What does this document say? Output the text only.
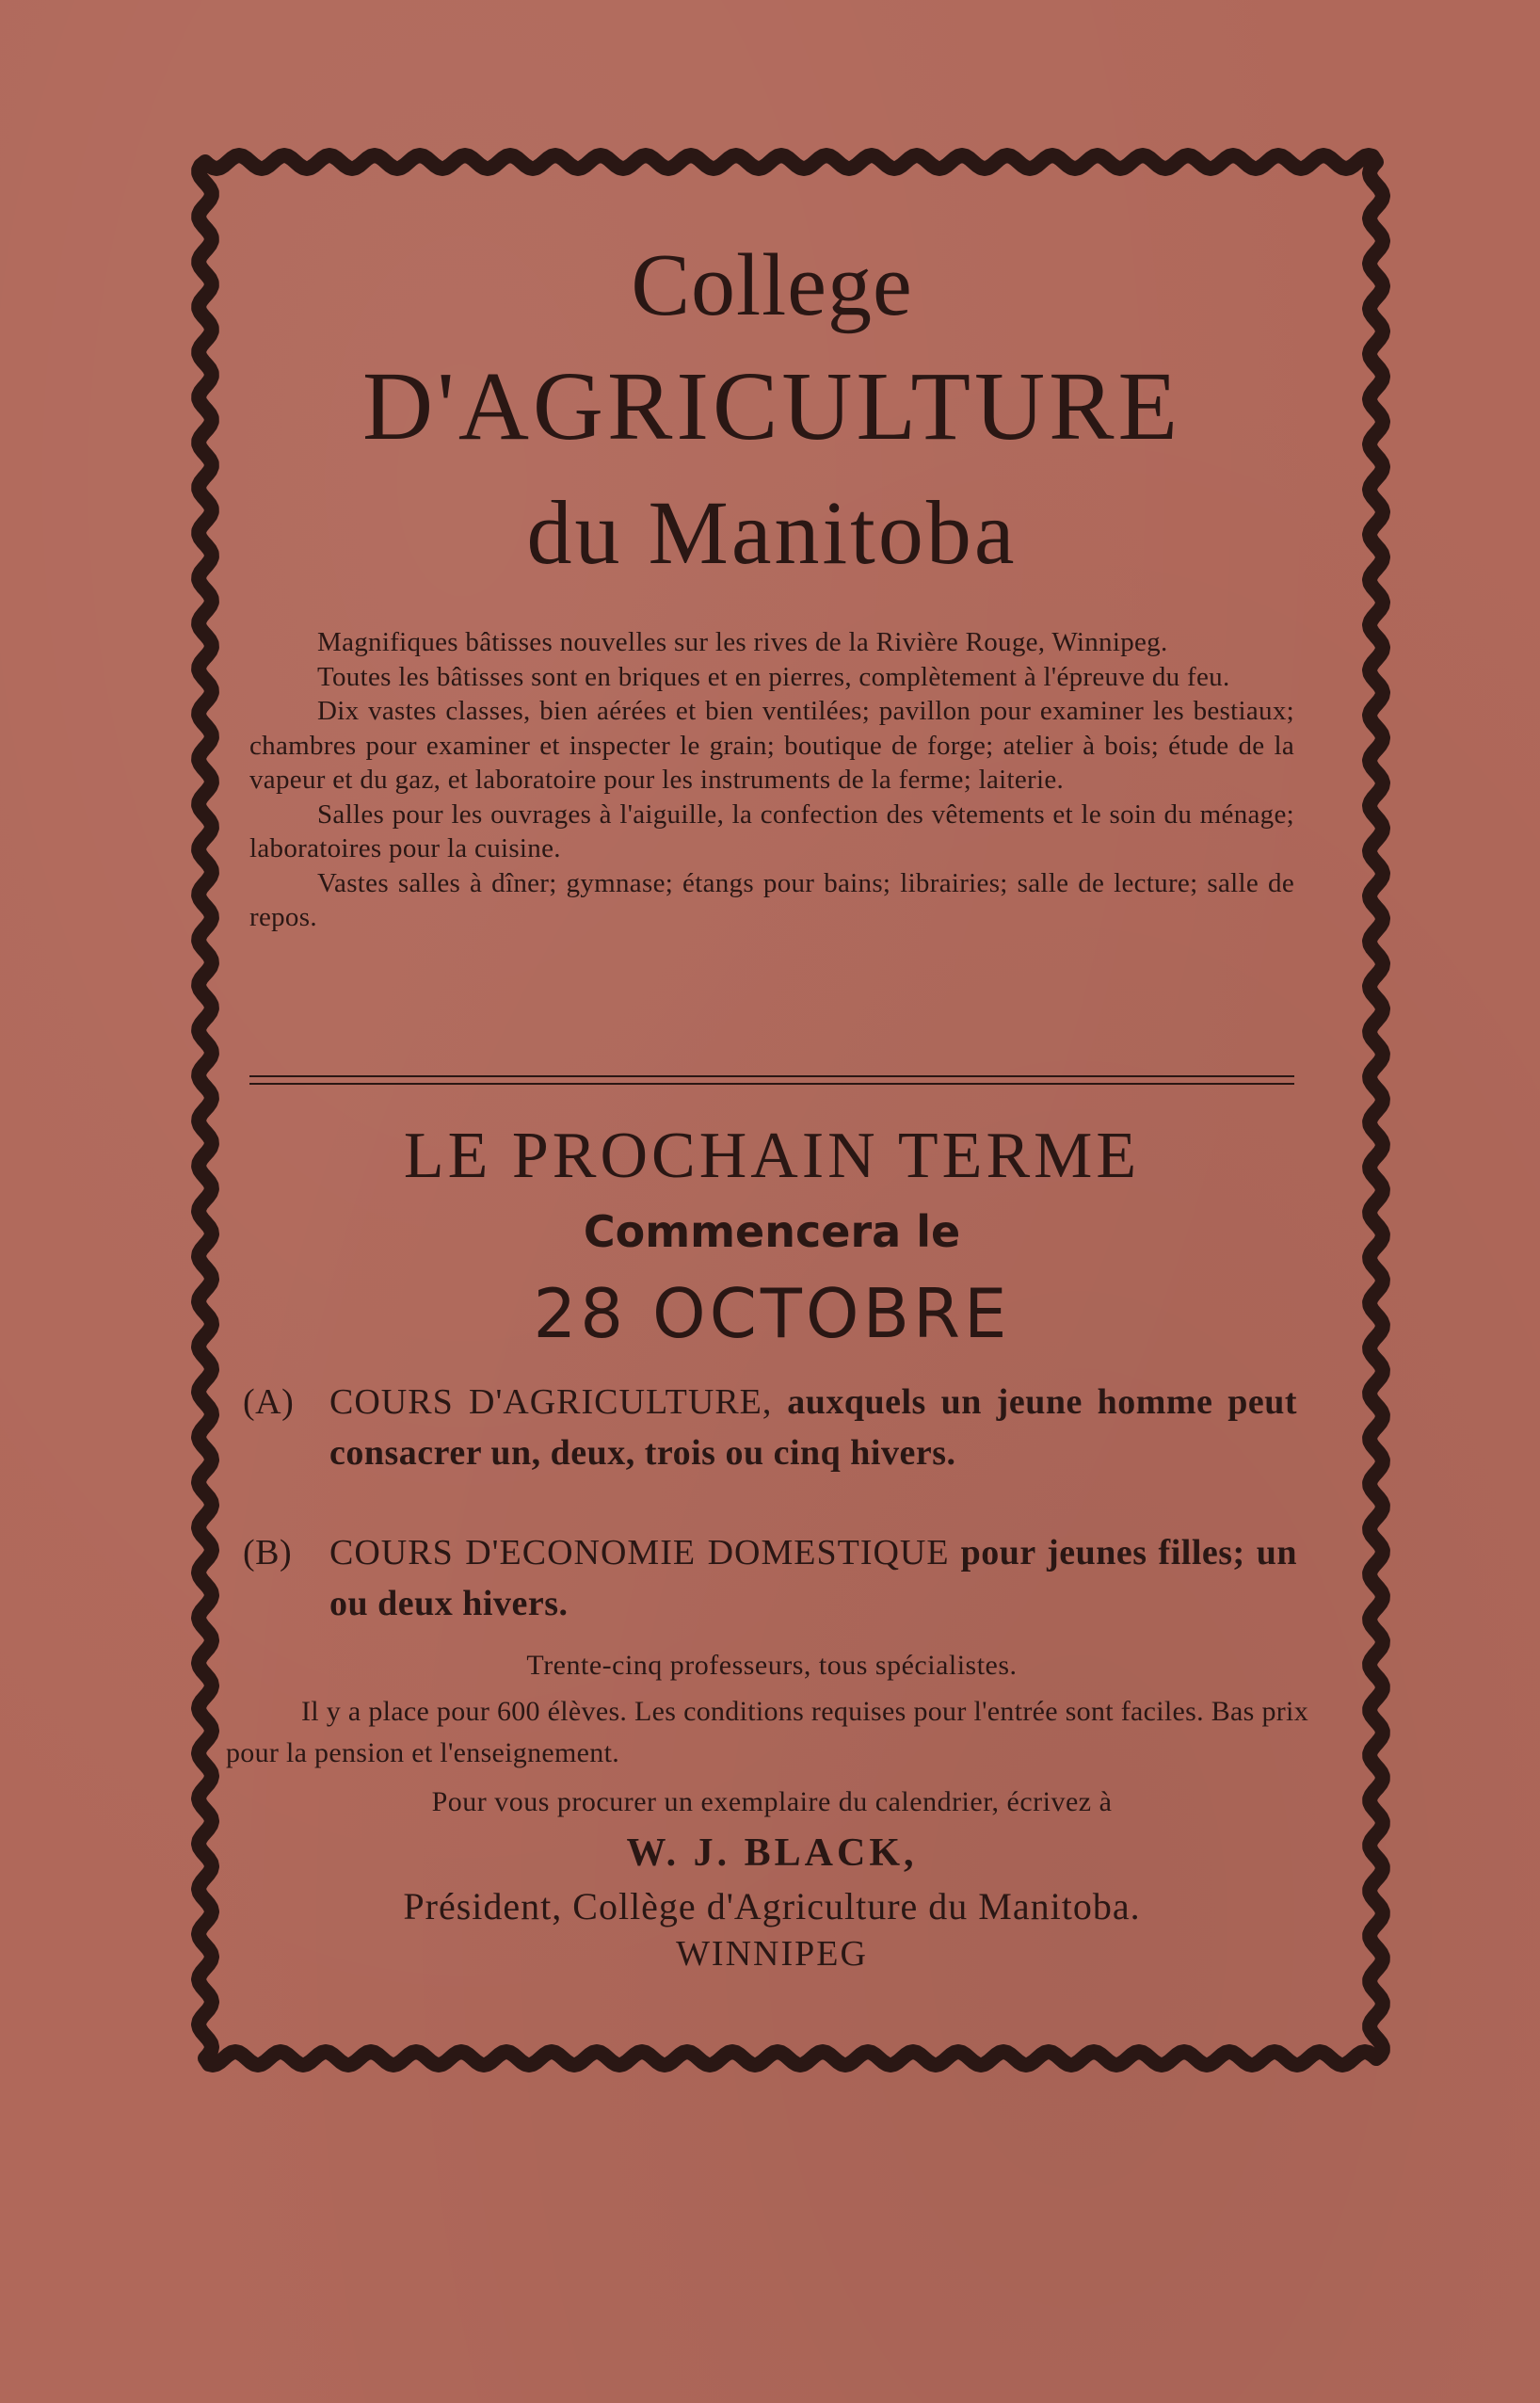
College
D'AGRICULTURE
du Manitoba

Magnifiques bâtisses nouvelles sur les rives de la Rivière Rouge, Winnipeg.

Toutes les bâtisses sont en briques et en pierres, complètement à l'épreuve du feu.

Dix vastes classes, bien aérées et bien ventilées; pavillon pour examiner les bestiaux; chambres pour examiner et inspecter le grain; boutique de forge; atelier à bois; étude de la vapeur et du gaz, et laboratoire pour les instruments de la ferme; laiterie.

Salles pour les ouvrages à l'aiguille, la confection des vêtements et le soin du ménage; laboratoires pour la cuisine.

Vastes salles à dîner; gymnase; étangs pour bains; librairies; salle de lecture; salle de repos.

LE PROCHAIN TERME
Commencera le
28 OCTOBRE
(A) COURS D'AGRICULTURE, auxquels un jeune homme peut consacrer un, deux, trois ou cinq hivers.
(B)	COURS D'ECONOMIE DOMESTIQUE pour jeunes filles; un ou deux hivers.
Trente-cinq professeurs, tous spécialistes.
Il y a place pour 600 élèves. Les conditions requises pour l'entrée sont faciles. Bas prix pour la pension et l'enseignement.
Pour vous procurer un exemplaire du calendrier, écrivez à
W. J. BLACK,
Président, Collège d'Agriculture du Manitoba.
WINNIPEG
